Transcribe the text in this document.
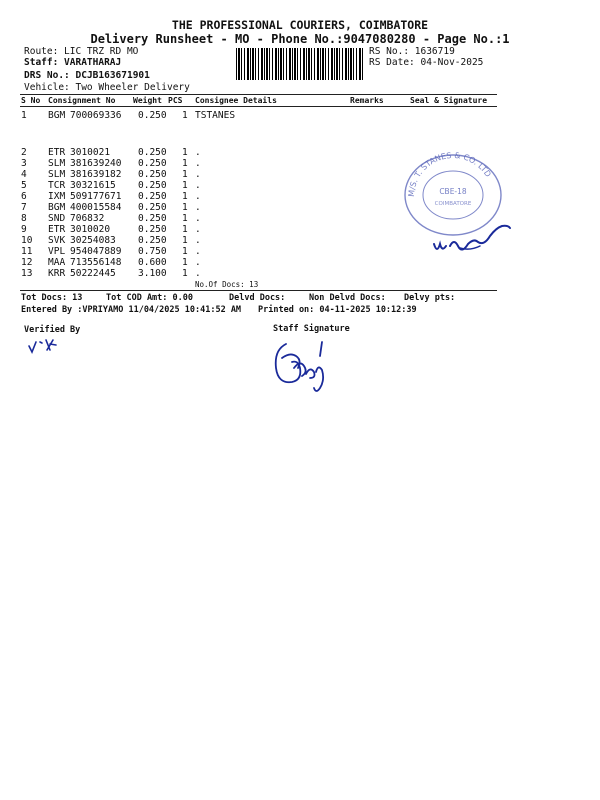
THE PROFESSIONAL COURIERS, COIMBATORE
Delivery Runsheet - MO - Phone No.:9047080280 - Page No.:1
Route: LIC TRZ RD MO
Staff: VARATHARAJ
DRS No.: DCJB163671901
Vehicle: Two Wheeler Delivery
RS No.: 1636719
RS Date: 04-Nov-2025
S No Consignment No Weight PCS Consignee Details	Remarks	Seal & Signature
1 BGM 700069336 0.250 1 TSTANES
2 ETR 3010021	0.250 1 .
3 SLM 381639240 0.250 1 .
4 SLM 381639182 0.250 1 .
5 TCR 30321615 0.250 1 .
6 IXM 509177671 0.250 1 .
7 BGM 400015584 0.250 1 .
8 SND 706832	0.250 1 .
9 ETR 3010020	0.250 1 .
10 SVK 30254083 0.250 1 .
11 VPL 954047889 0.750 1 .
12 MAA 713556148 0.600 1 .
13 KRR 50222445 3.100 1 .
No.Of Docs: 13
Tot Docs: 13	Tot COD Amt: 0.00	Delvd Docs:	Non Delvd Docs: Delvy pts:
Entered By :VPRIYAMO 11/04/2025 10:41:52 AM Printed on: 04-11-2025 10:12:39
Verified By	Staff Signature
M/S. T. STANES & CO. LTD
CBE-18
COIMBATORE
